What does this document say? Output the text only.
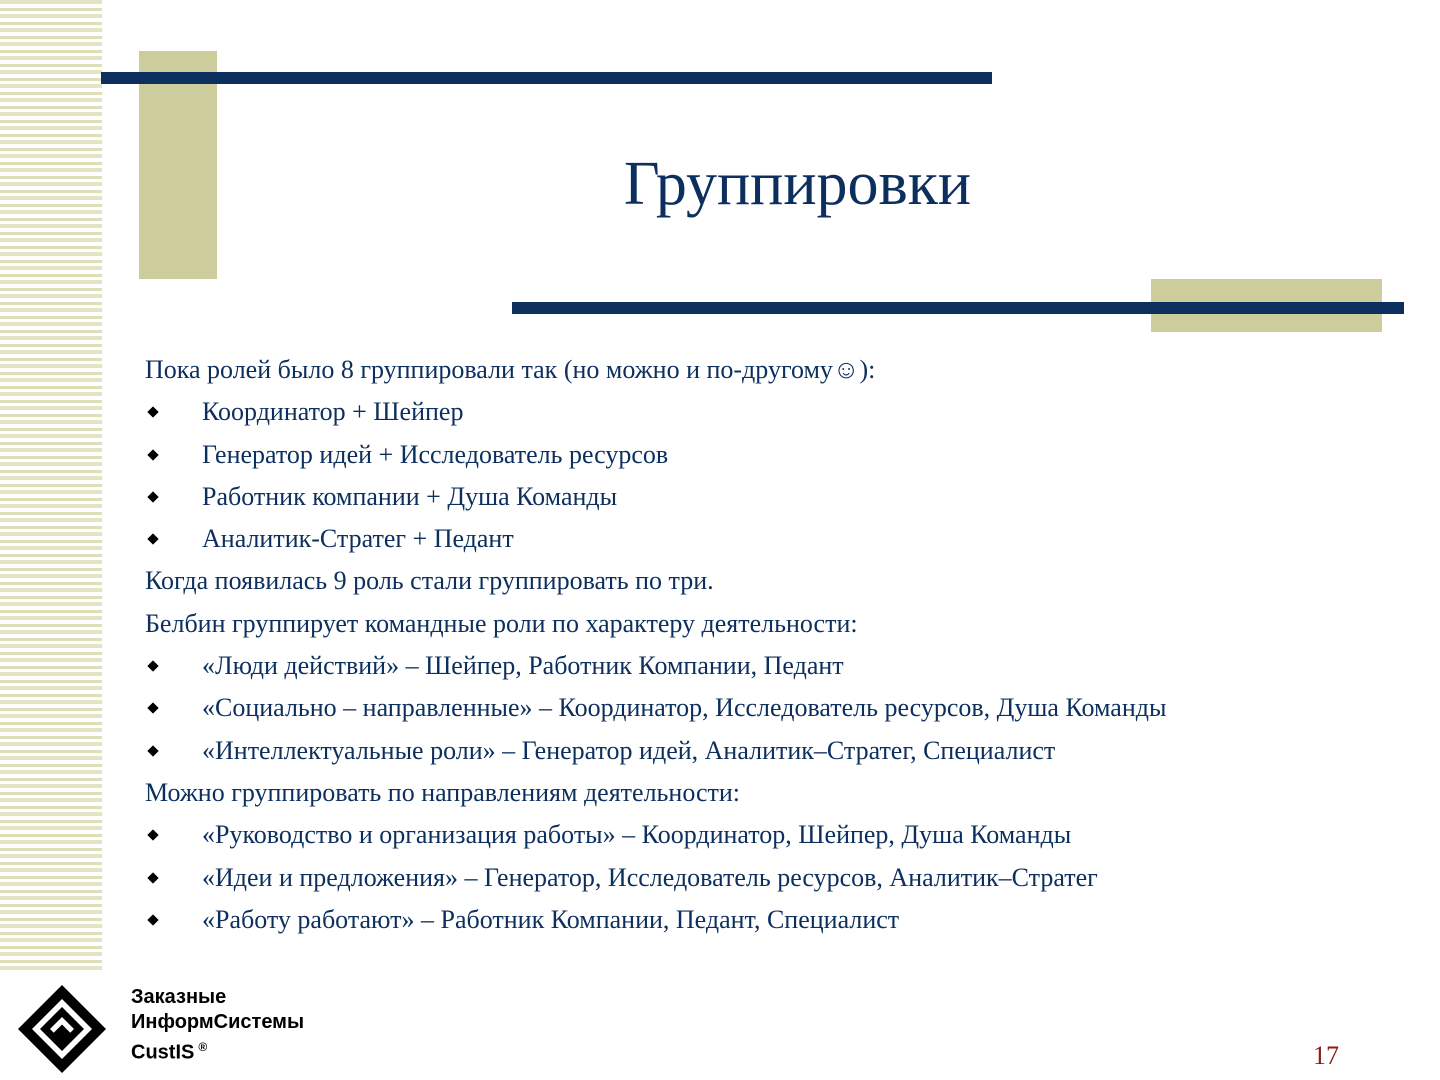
Группировки
Пока ролей было 8 группировали так (но можно и по-другому☺):
Координатор + Шейпер
Генератор идей + Исследователь ресурсов
Работник компании + Душа Команды
Аналитик-Стратег + Педант
Когда появилась 9 роль стали группировать по три.
Белбин группирует командные роли по характеру деятельности:
«Люди действий» – Шейпер, Работник Компании, Педант
«Социально – направленные» – Координатор, Исследователь ресурсов, Душа Команды
«Интеллектуальные роли» – Генератор идей, Аналитик–Стратег, Специалист
Можно группировать по направлениям деятельности:
«Руководство и организация работы» – Координатор, Шейпер, Душа Команды
«Идеи и предложения» – Генератор, Исследователь ресурсов, Аналитик–Стратег
«Работу работают» – Работник Компании, Педант, Специалист
Заказные
ИнформСистемы
CustIS ®	17
